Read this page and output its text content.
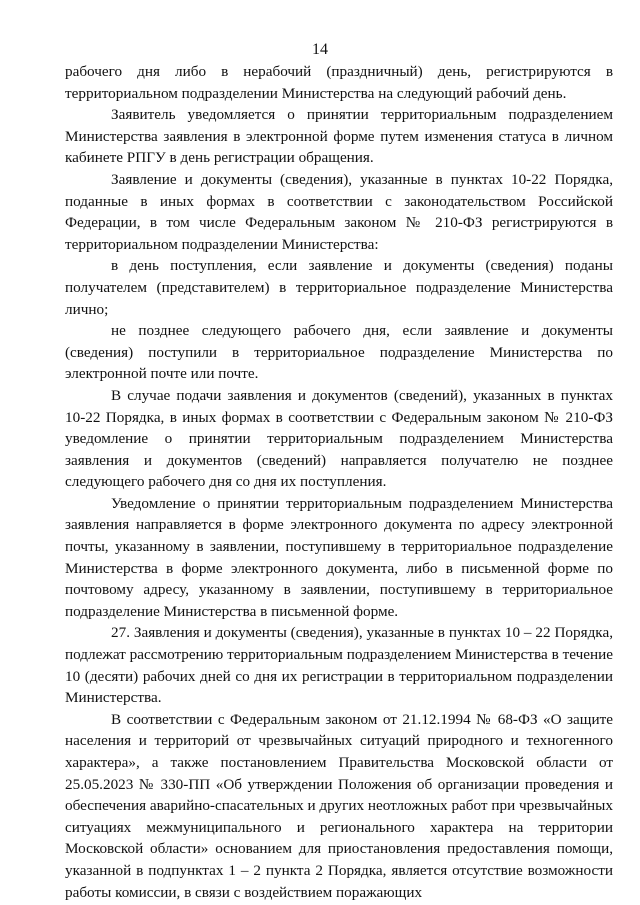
14

рабочего дня либо в нерабочий (праздничный) день, регистрируются в территориальном подразделении Министерства на следующий рабочий день.

Заявитель уведомляется о принятии территориальным подразделением Министерства заявления в электронной форме путем изменения статуса в личном кабинете РПГУ в день регистрации обращения.

Заявление и документы (сведения), указанные в пунктах 10-22 Порядка, поданные в иных формах в соответствии с законодательством Российской Федерации, в том числе Федеральным законом № 210-ФЗ регистрируются в территориальном подразделении Министерства:

в день поступления, если заявление и документы (сведения) поданы получателем (представителем) в территориальное подразделение Министерства лично;

не позднее следующего рабочего дня, если заявление и документы (сведения) поступили в территориальное подразделение Министерства по электронной почте или почте.

В случае подачи заявления и документов (сведений), указанных в пунктах 10-22 Порядка, в иных формах в соответствии с Федеральным законом № 210-ФЗ уведомление о принятии территориальным подразделением Министерства заявления и документов (сведений) направляется получателю не позднее следующего рабочего дня со дня их поступления.

Уведомление о принятии территориальным подразделением Министерства заявления направляется в форме электронного документа по адресу электронной почты, указанному в заявлении, поступившему в территориальное подразделение Министерства в форме электронного документа, либо в письменной форме по почтовому адресу, указанному в заявлении, поступившему в территориальное подразделение Министерства в письменной форме.

27. Заявления и документы (сведения), указанные в пунктах 10 – 22 Порядка, подлежат рассмотрению территориальным подразделением Министерства в течение 10 (десяти) рабочих дней со дня их регистрации в территориальном подразделении Министерства.

В соответствии с Федеральным законом от 21.12.1994 № 68-ФЗ «О защите населения и территорий от чрезвычайных ситуаций природного и техногенного характера», а также постановлением Правительства Московской области от 25.05.2023 № 330-ПП «Об утверждении Положения об организации проведения и обеспечения аварийно-спасательных и других неотложных работ при чрезвычайных ситуациях межмуниципального и регионального характера на территории Московской области» основанием для приостановления предоставления помощи, указанной в подпунктах 1 – 2 пункта 2 Порядка, является отсутствие возможности работы комиссии, в связи с воздействием поражающих
